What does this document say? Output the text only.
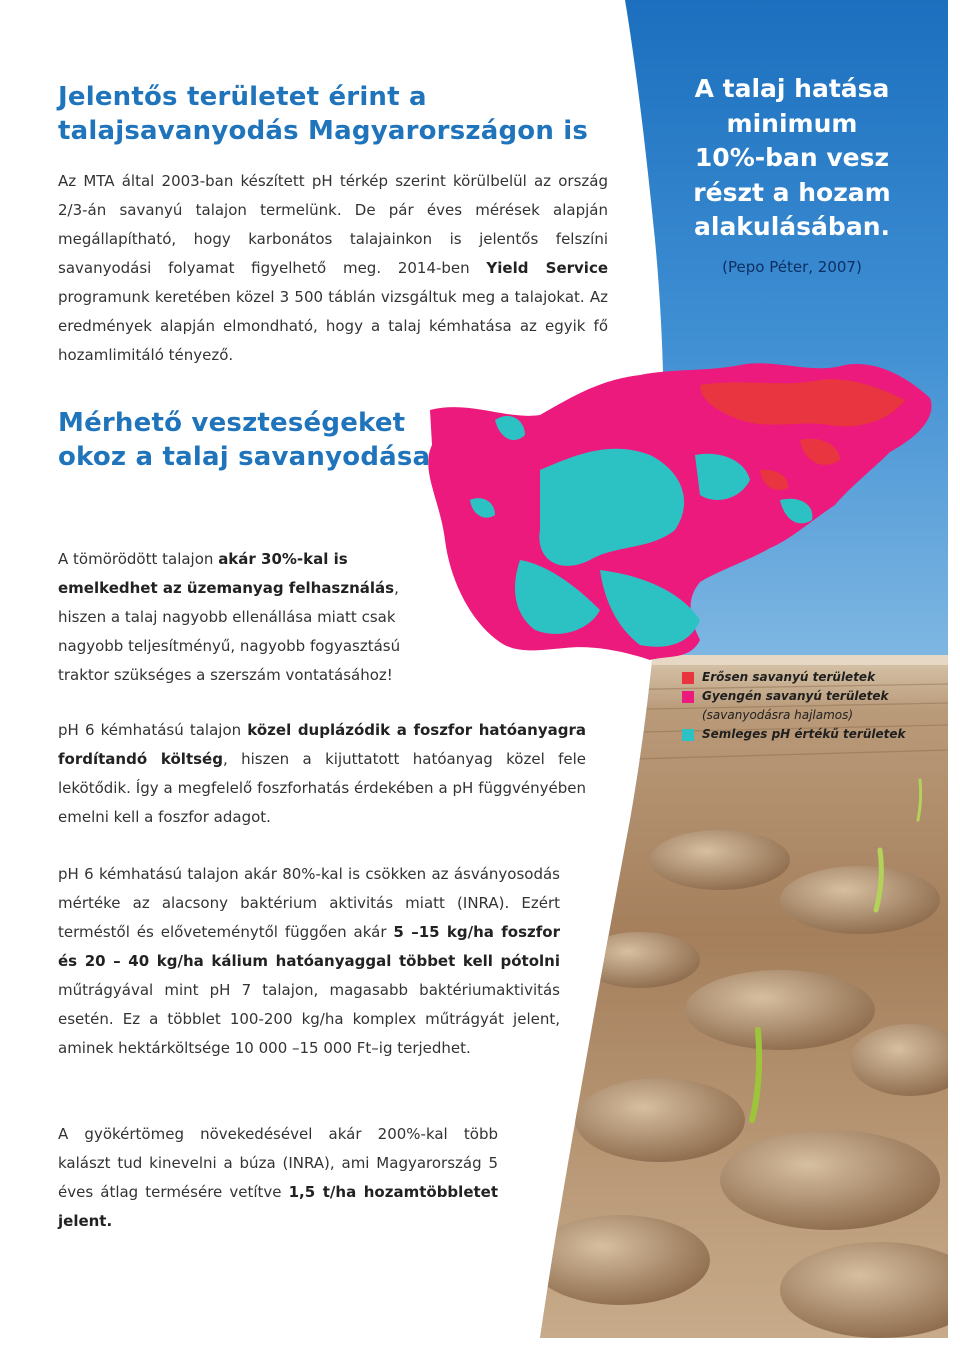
Jelentős területet érint a
talajsavanyodás Magyarországon is

Az MTA által 2003-ban készített pH térkép szerint körülbelül az ország 2/3-án savanyú talajon termelünk. De pár éves mérések alapján megállapítható, hogy karbonátos talajainkon is jelentős felszíni savanyodási folyamat figyelhető meg. 2014-ben Yield Service programunk keretében közel 3 500 táblán vizsgáltuk meg a talajokat. Az eredmények alapján elmondható, hogy a talaj kémhatása az egyik fő hozamlimitáló tényező.

Mérhető veszteségeket
okoz a talaj savanyodása

A tömörödött talajon akár 30%-kal is emelkedhet az üzemanyag felhasználás, hiszen a talaj nagyobb ellenállása miatt csak nagyobb teljesítményű, nagyobb fogyasztású traktor szükséges a szerszám vontatásához!

pH 6 kémhatású talajon közel duplázódik a foszfor hatóanyagra fordítandó költség, hiszen a kijuttatott hatóanyag közel fele lekötődik. Így a megfelelő foszforhatás érdekében a pH függvényében emelni kell a foszfor adagot.

pH 6 kémhatású talajon akár 80%-kal is csökken az ásványosodás mértéke az alacsony baktérium aktivitás miatt (INRA). Ezért terméstől és előveteménytől függően akár 5 –15 kg/ha foszfor és 20 – 40 kg/ha kálium hatóanyaggal többet kell pótolni műtrágyával mint pH 7 talajon, magasabb baktériumaktivitás esetén. Ez a többlet 100-200 kg/ha komplex műtrágyát jelent, aminek hektárköltsége 10 000 –15 000 Ft–ig terjedhet.

A gyökértömeg növekedésével akár 200%-kal több kalászt tud kinevelni a búza (INRA), ami Magyarország 5 éves átlag termésére vetítve 1,5 t/ha hozamtöbbletet jelent.

A talaj hatása
minimum
10%-ban vesz
részt a hozam
alakulásában.
(Pepo Péter, 2007)
Erősen savanyú területek
Gyengén savanyú területek
(savanyodásra hajlamos)
Semleges pH értékű területek
